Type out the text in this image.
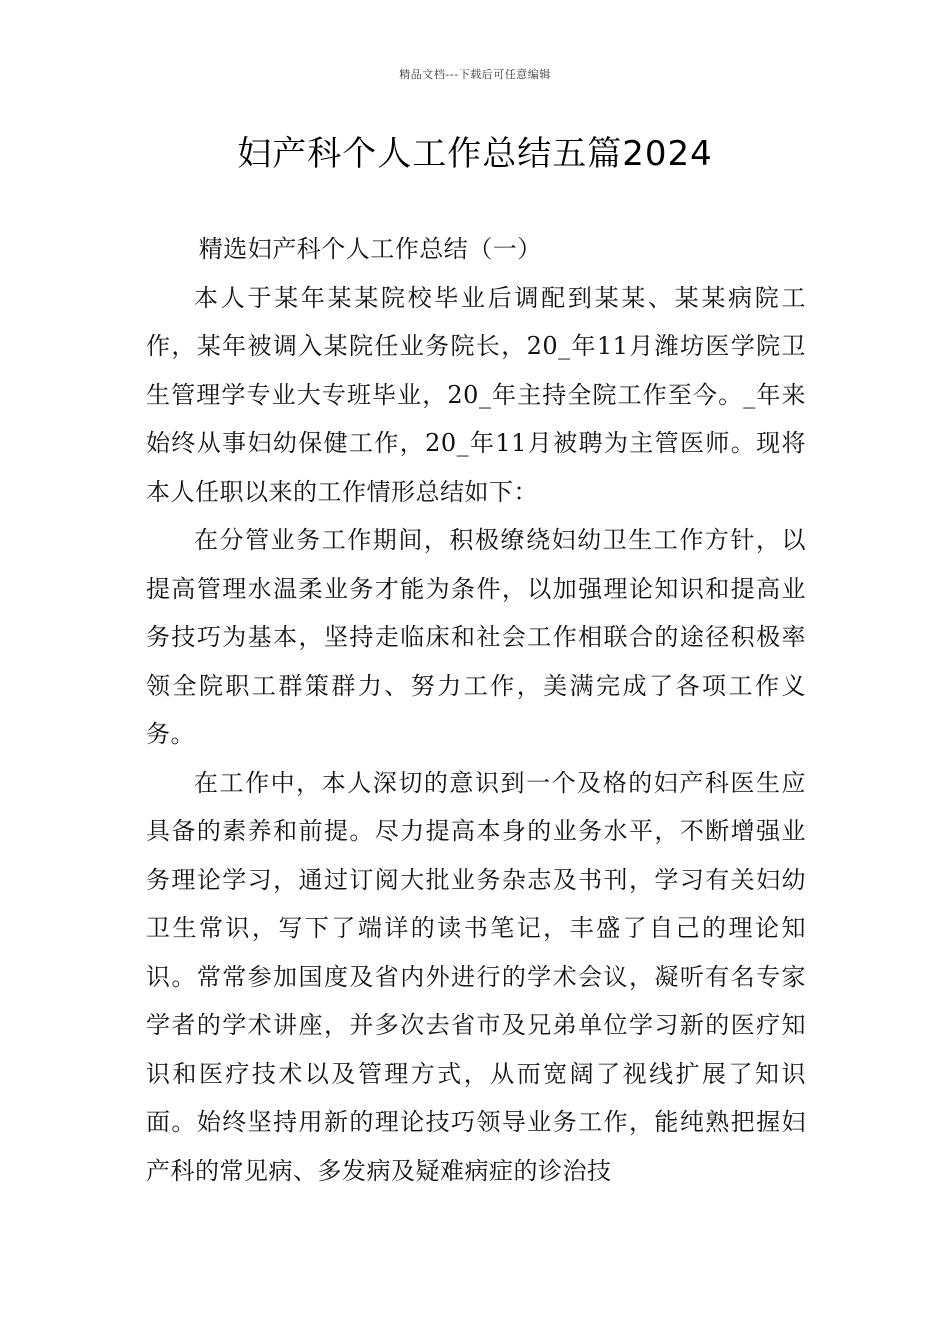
精品文档---下载后可任意编辑
妇产科个人工作总结五篇2024

精选妇产科个人工作总结（一）

本人于某年某某院校毕业后调配到某某、某某病院工作，某年被调入某院任业务院长，20_年11月潍坊医学院卫生管理学专业大专班毕业，20_年主持全院工作至今。_年来始终从事妇幼保健工作，20_年11月被聘为主管医师。现将本人任职以来的工作情形总结如下：

在分管业务工作期间，积极缭绕妇幼卫生工作方针，以提高管理水温柔业务才能为条件，以加强理论知识和提高业务技巧为基本，坚持走临床和社会工作相联合的途径积极率领全院职工群策群力、努力工作，美满完成了各项工作义务。

在工作中，本人深切的意识到一个及格的妇产科医生应具备的素养和前提。尽力提高本身的业务水平，不断增强业务理论学习，通过订阅大批业务杂志及书刊，学习有关妇幼卫生常识，写下了端详的读书笔记，丰盛了自己的理论知识。常常参加国度及省内外进行的学术会议，凝听有名专家学者的学术讲座，并多次去省市及兄弟单位学习新的医疗知识和医疗技术以及管理方式，从而宽阔了视线扩展了知识面。始终坚持用新的理论技巧领导业务工作，能纯熟把握妇产科的常见病、多发病及疑难病症的诊治技
